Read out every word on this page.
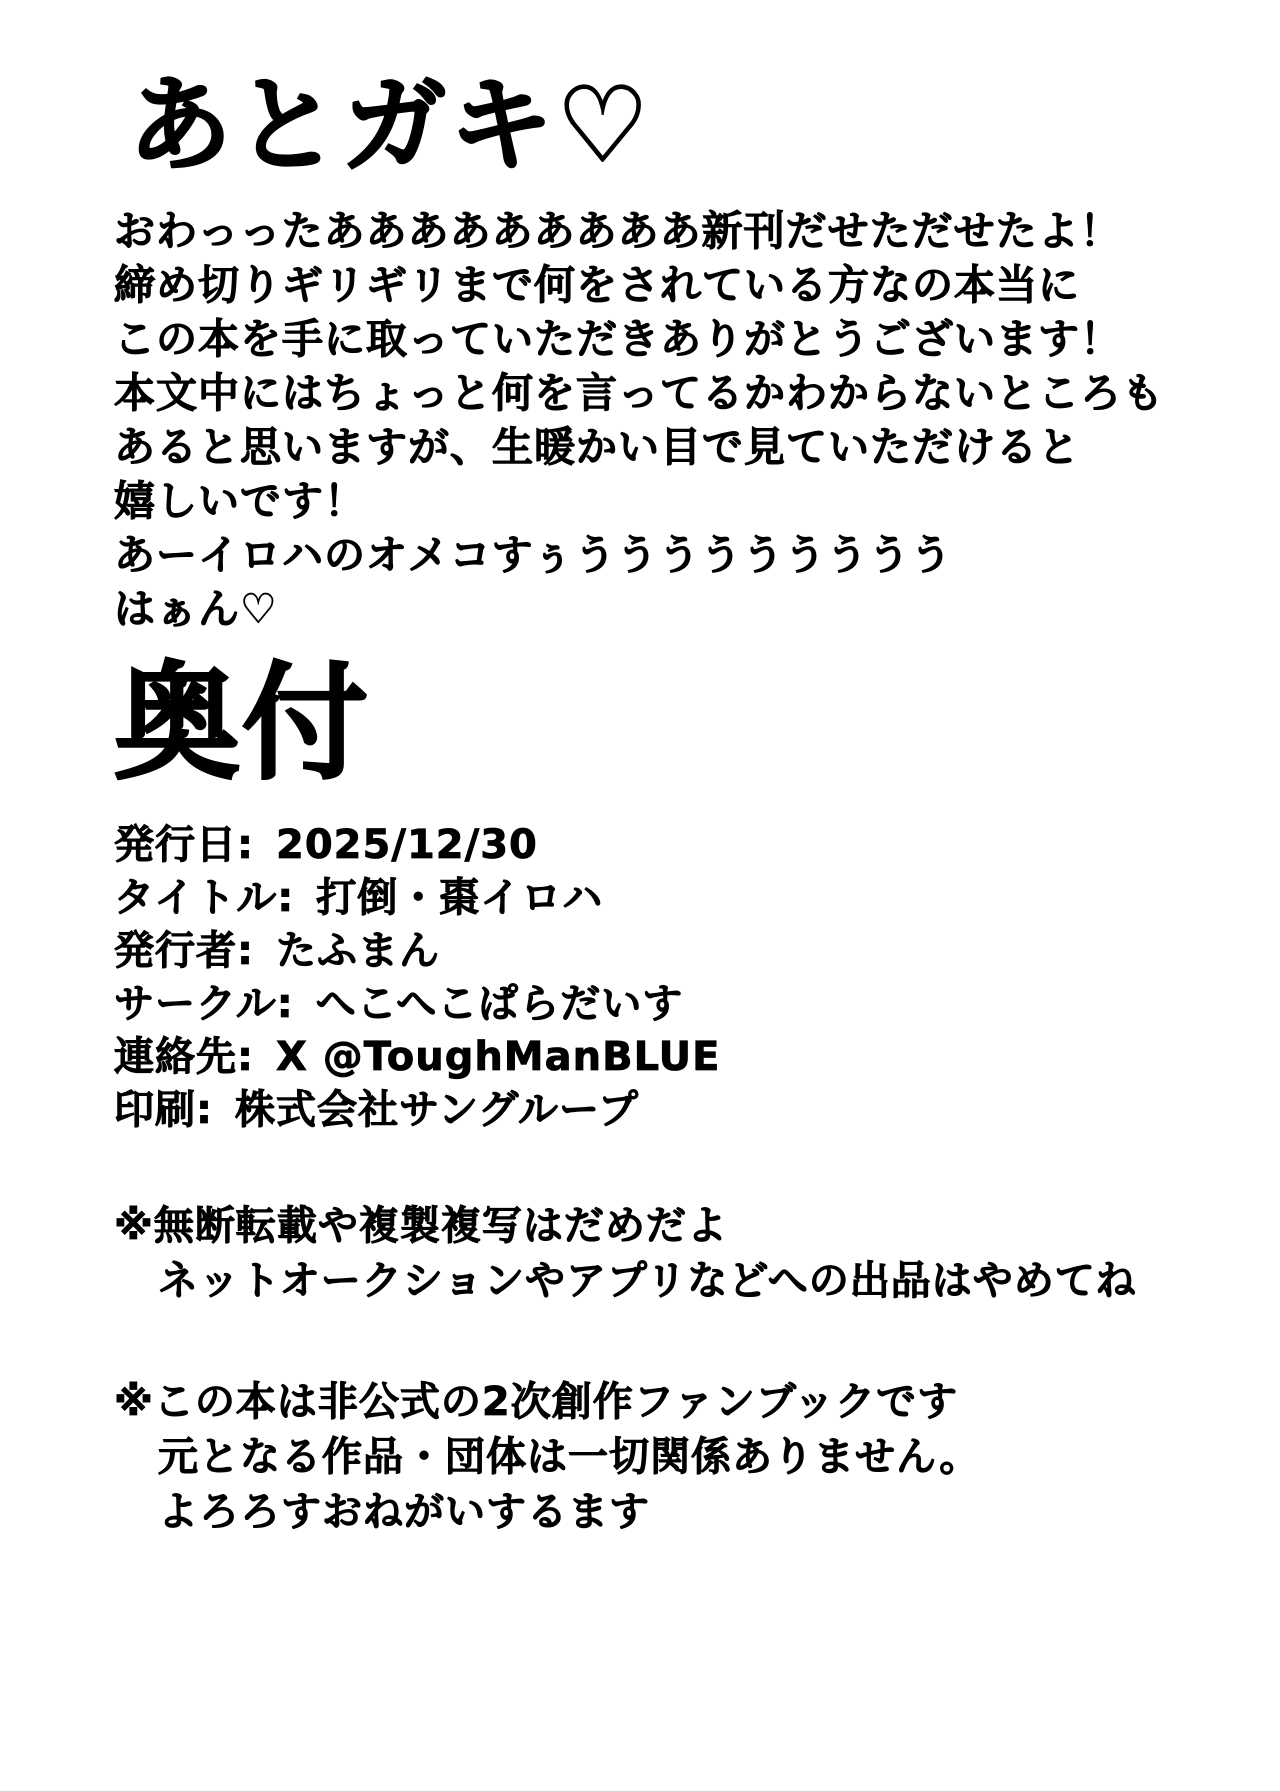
あとガキ♡
おわっったあああああああああ新刊だせただせたよ！
締め切りギリギリまで何をされている方なの本当に
この本を手に取っていただきありがとうございます！
本文中にはちょっと何を言ってるかわからないところも
あると思いますが、生暖かい目で見ていただけると
嬉しいです！
あーイロハのオメコすぅううううううううう
はぁん♡
奥付
発行日: 2025/12/30
タイトル: 打倒・棗イロハ
発行者: たふまん
サークル: へこへこぱらだいす
連絡先: X @ToughManBLUE
印刷: 株式会社サングループ
※無断転載や複製複写はだめだよ
ネットオークションやアプリなどへの出品はやめてね
※この本は非公式の2次創作ファンブックです
元となる作品・団体は一切関係ありません。
よろろすおねがいするます
